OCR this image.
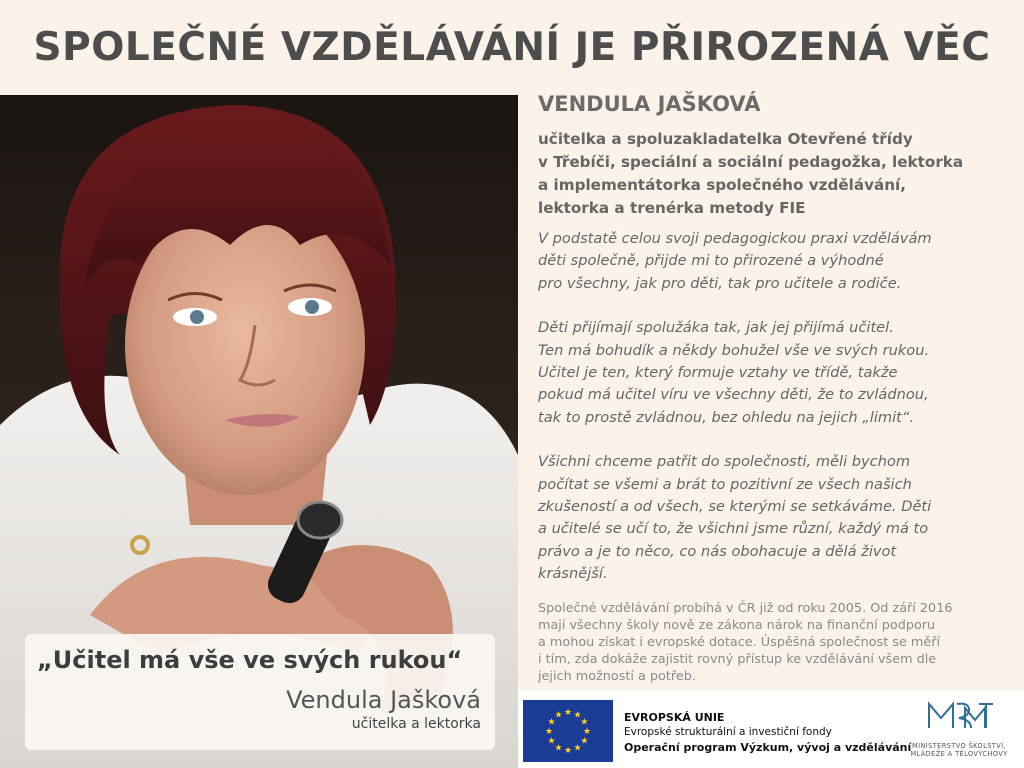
SPOLEČNÉ VZDĚLÁVÁNÍ JE PŘIROZENÁ VĚC
„Učitel má vše ve svých rukou“
Vendula Jašková
učitelka a lektorka
VENDULA JAŠKOVÁ
učitelka a spoluzakladatelka Otevřené třídy
v Třebíči, speciální a sociální pedagožka, lektorka
a implementátorka společného vzdělávání,
lektorka a trenérka metody FIE
V podstatě celou svoji pedagogickou praxi vzdělávám
děti společně, přijde mi to přirozené a výhodné
pro všechny, jak pro děti, tak pro učitele a rodiče.
Děti přijímají spolužáka tak, jak jej přijímá učitel.
Ten má bohudík a někdy bohužel vše ve svých rukou.
Učitel je ten, který formuje vztahy ve třídě, takže
pokud má učitel víru ve všechny děti, že to zvládnou,
tak to prostě zvládnou, bez ohledu na jejich „limit“.
Všichni chceme patřit do společnosti, měli bychom
počítat se všemi a brát to pozitivní ze všech našich
zkušeností a od všech, se kterými se setkáváme. Děti
a učitelé se učí to, že všichni jsme různí, každý má to
právo a je to něco, co nás obohacuje a dělá život
krásnější.
Společné vzdělávání probíhá v ČR již od roku 2005. Od září 2016
mají všechny školy nově ze zákona nárok na finanční podporu
a mohou získat i evropské dotace. Úspěšná společnost se měří
i tím, zda dokáže zajistit rovný přístup ke vzdělávání všem dle
jejich možností a potřeb.
★ ★
★
★
★
★
★
★
★
★
★
★	EVROPSKÁ UNIE
Evropské strukturální a investiční fondy
Operační program Výzkum, vývoj a vzdělávání MINISTERSTVO ŠKOLSTVÍ,
MLÁDEŽE A TĚLOVÝCHOVY
